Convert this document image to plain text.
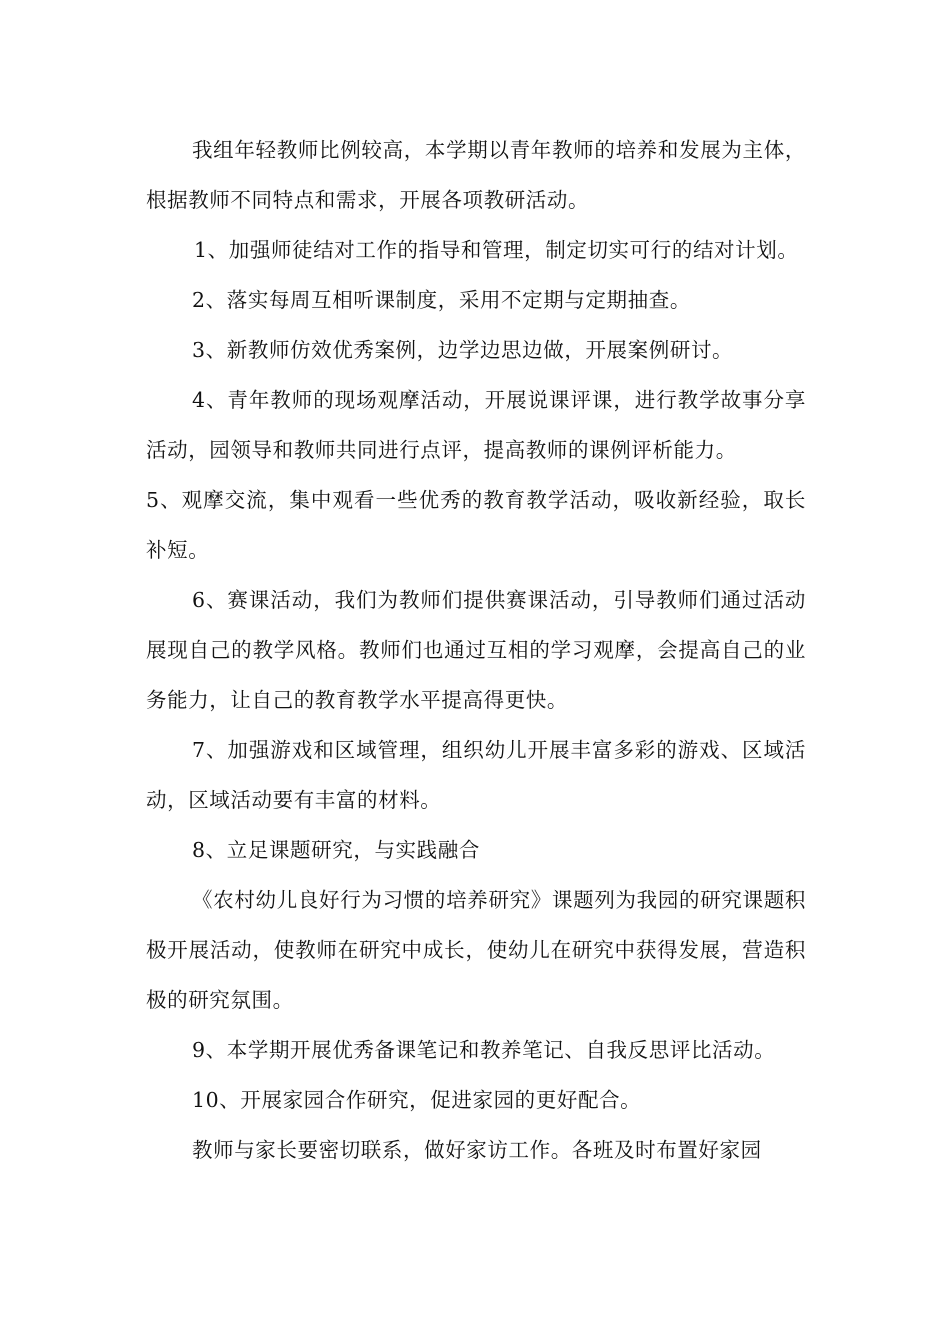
我组年轻教师比例较高，本学期以青年教师的培养和发展为主体，根据教师不同特点和需求，开展各项教研活动。

1、加强师徒结对工作的指导和管理，制定切实可行的结对计划。

2、落实每周互相听课制度，采用不定期与定期抽查。

3、新教师仿效优秀案例，边学边思边做，开展案例研讨。

4、青年教师的现场观摩活动，开展说课评课，进行教学故事分享活动，园领导和教师共同进行点评，提高教师的课例评析能力。

5、观摩交流，集中观看一些优秀的教育教学活动，吸收新经验，取长补短。

6、赛课活动，我们为教师们提供赛课活动，引导教师们通过活动展现自己的教学风格。教师们也通过互相的学习观摩，会提高自己的业务能力，让自己的教育教学水平提高得更快。

7、加强游戏和区域管理，组织幼儿开展丰富多彩的游戏、区域活动，区域活动要有丰富的材料。

8、立足课题研究，与实践融合

《农村幼儿良好行为习惯的培养研究》课题列为我园的研究课题积极开展活动，使教师在研究中成长，使幼儿在研究中获得发展，营造积极的研究氛围。

9、本学期开展优秀备课笔记和教养笔记、自我反思评比活动。

10、开展家园合作研究，促进家园的更好配合。

教师与家长要密切联系，做好家访工作。各班及时布置好家园
